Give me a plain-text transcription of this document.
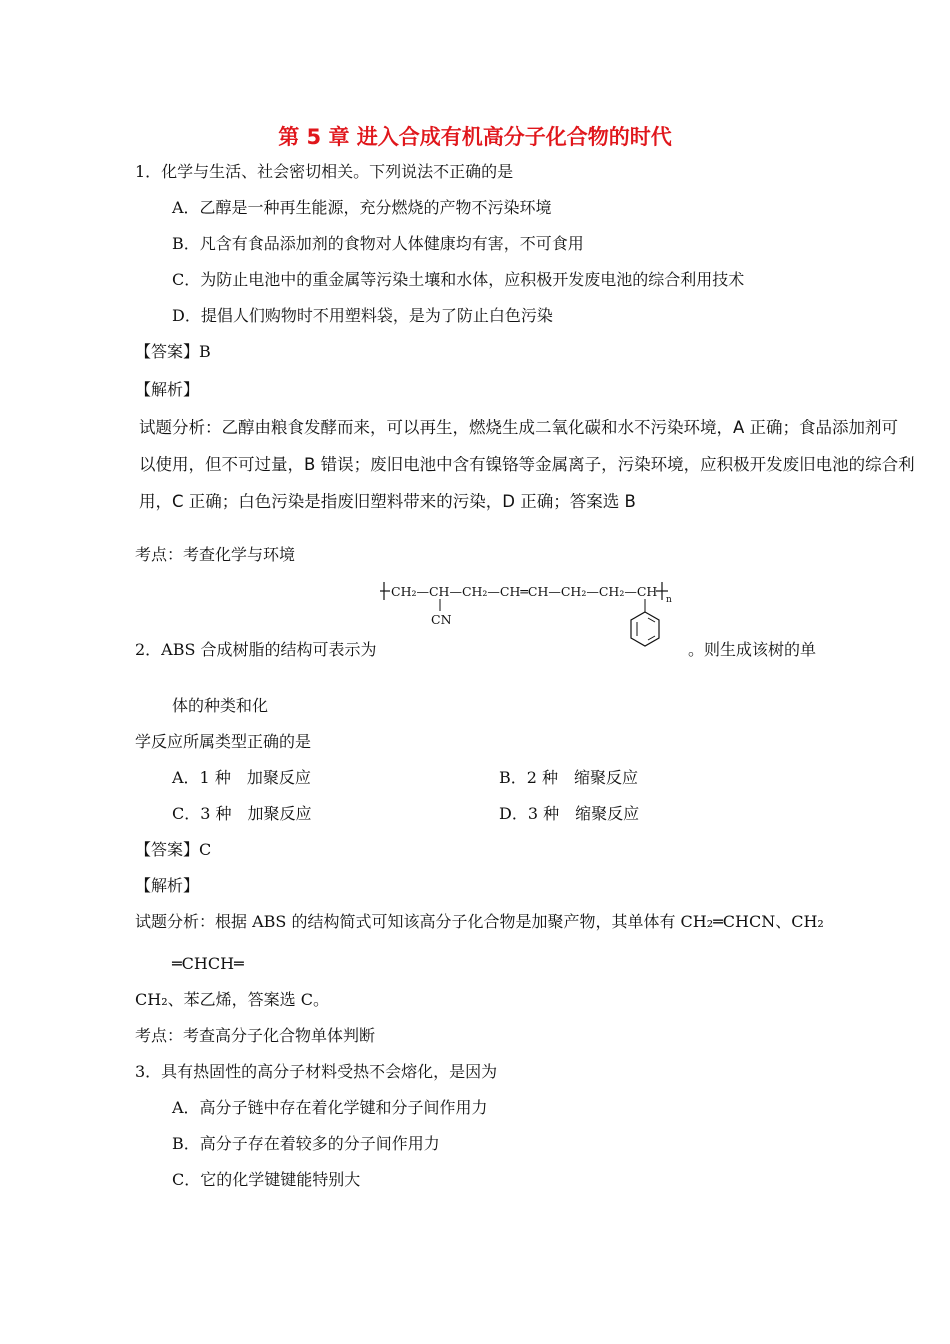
第 5 章 进入合成有机高分子化合物的时代
1．化学与生活、社会密切相关。下列说法不正确的是
A．乙醇是一种再生能源，充分燃烧的产物不污染环境
B．凡含有食品添加剂的食物对人体健康均有害，不可食用
C．为防止电池中的重金属等污染土壤和水体，应积极开发废电池的综合利用技术
D．提倡人们购物时不用塑料袋，是为了防止白色污染
【答案】B
【解析】
试题分析：乙醇由粮食发酵而来，可以再生，燃烧生成二氧化碳和水不污染环境，A 正确；食品添加剂可
以使用，但不可过量，B 错误；废旧电池中含有镍铬等金属离子，污染环境，应积极开发废旧电池的综合利
用，C 正确；白色污染是指废旧塑料带来的污染，D 正确；答案选 B
考点：考查化学与环境
CH₂—CH—CH₂—CH═CH—CH₂—CH₂—CH
n
CN
2．ABS 合成树脂的结构可表示为	。则生成该树的单
体的种类和化
学反应所属类型正确的是
A．1 种　加聚反应	B．2 种　缩聚反应
C．3 种　加聚反应	D．3 种　缩聚反应
【答案】C
【解析】
试题分析：根据 ABS 的结构简式可知该高分子化合物是加聚产物，其单体有 CH₂═CHCN、CH₂
═CHCH═
CH₂、苯乙烯，答案选 C。
考点：考查高分子化合物单体判断
3．具有热固性的高分子材料受热不会熔化，是因为
A．高分子链中存在着化学键和分子间作用力
B．高分子存在着较多的分子间作用力
C．它的化学键键能特别大
